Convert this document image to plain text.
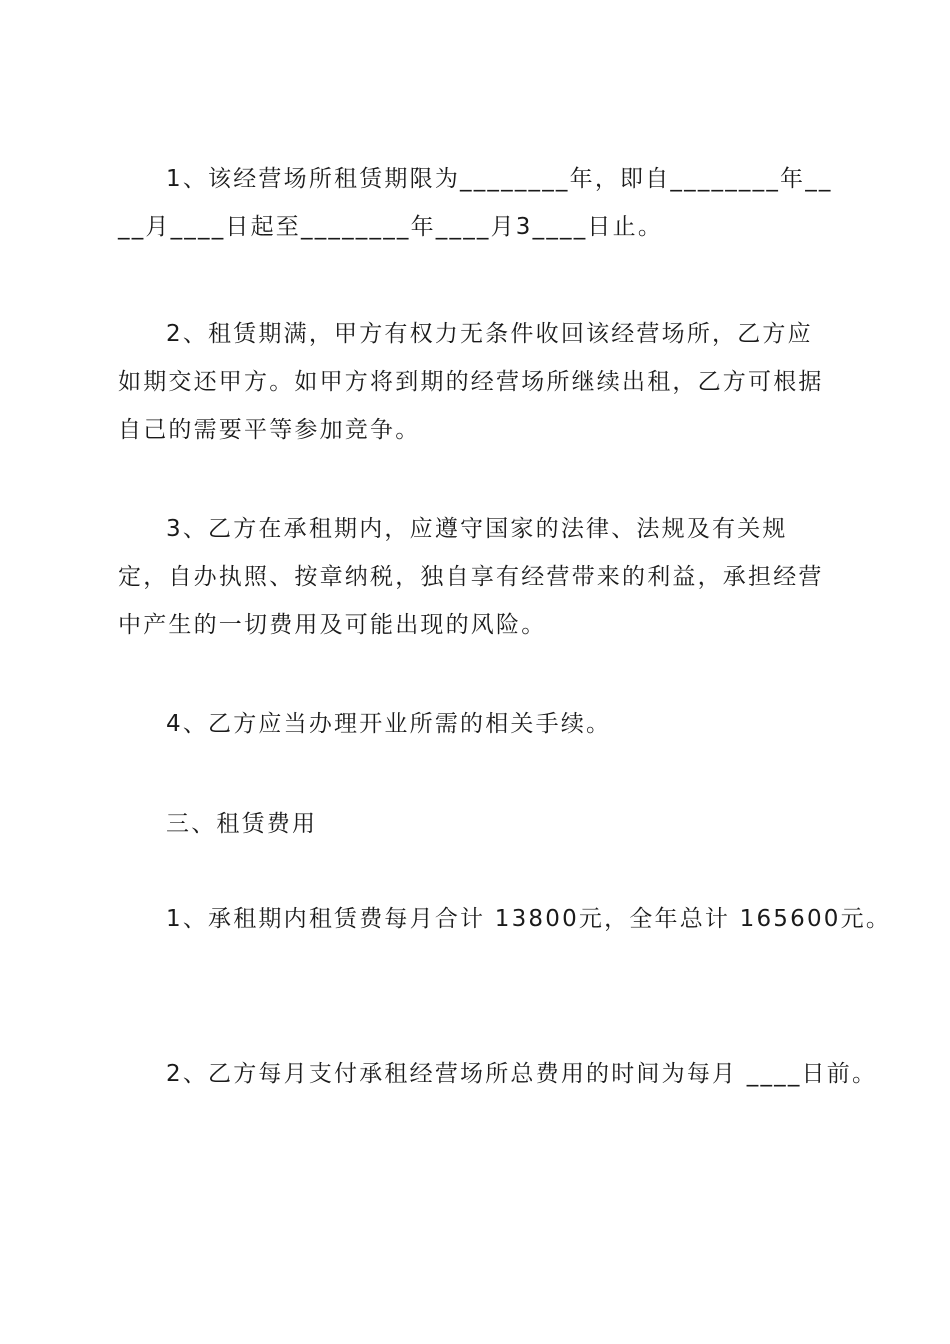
1、该经营场所租赁期限为________年，即自________年____月____日起至________年____月3____日止。

2、租赁期满，甲方有权力无条件收回该经营场所，乙方应如期交还甲方。如甲方将到期的经营场所继续出租，乙方可根据自己的需要平等参加竞争。

3、乙方在承租期内，应遵守国家的法律、法规及有关规定，自办执照、按章纳税，独自享有经营带来的利益，承担经营中产生的一切费用及可能出现的风险。

4、乙方应当办理开业所需的相关手续。

三、租赁费用

1、承租期内租赁费每月合计 13800元，全年总计 165600元。

2、乙方每月支付承租经营场所总费用的时间为每月 ____日前。
